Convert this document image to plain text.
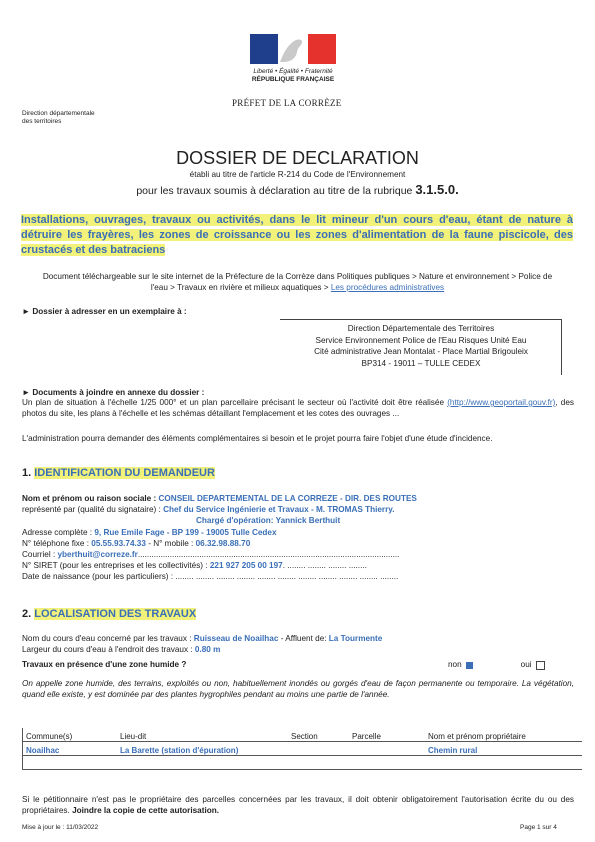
Liberté • Égalité • Fraternité
RÉPUBLIQUE FRANÇAISE
PRÉFET DE LA CORRÈZE
Direction départementale
des territoires
DOSSIER DE DECLARATION
établi au titre de l'article R-214 du Code de l'Environnement
pour les travaux soumis à déclaration au titre de la rubrique 3.1.5.0.
Installations, ouvrages, travaux ou activités, dans le lit mineur d'un cours d'eau, étant de nature à détruire les frayères, les zones de croissance ou les zones d'alimentation de la faune piscicole, des crustacés et des batraciens
Document téléchargeable sur le site internet de la Préfecture de la Corrèze dans Politiques publiques > Nature et environnement > Police de l'eau > Travaux en rivière et milieux aquatiques > Les procédures administratives
► Dossier à adresser en un exemplaire à :
Direction Départementale des Territoires
Service Environnement Police de l'Eau Risques Unité Eau
Cité administrative Jean Montalat - Place Martial Brigouleix
BP314 - 19011 – TULLE CEDEX
► Documents à joindre en annexe du dossier :
Un plan de situation à l'échelle 1/25 000° et un plan parcellaire précisant le secteur où l'activité doit être réalisée (http://www.geoportail.gouv.fr), des photos du site, les plans à l'échelle et les schémas détaillant l'emplacement et les cotes des ouvrages ...
L'administration pourra demander des éléments complémentaires si besoin et le projet pourra faire l'objet d'une étude d'incidence.
1. IDENTIFICATION DU DEMANDEUR
Nom et prénom ou raison sociale : CONSEIL DEPARTEMENTAL DE LA CORREZE - DIR. DES ROUTES
représenté par (qualité du signataire) : Chef du Service Ingénierie et Travaux - M. TROMAS Thierry.
Chargé d'opération: Yannick Berthuit
Adresse complète : 9, Rue Emile Fage - BP 199 - 19005 Tulle Cedex
N° téléphone fixe : 05.55.93.74.33 - N° mobile : 06.32.98.88.70
Courriel : yberthuit@correze.fr...................................................................................................................
N° SIRET (pour les entreprises et les collectivités) : 221 927 205 00 197. ........ ........ ........ ........
Date de naissance (pour les particuliers) : ........ ........ ........ ........ ........ ........ ........ ........ ........ ........ ........
2. LOCALISATION DES TRAVAUX
Nom du cours d'eau concerné par les travaux : Ruisseau de Noailhac - Affluent de: La Tourmente
Largeur du cours d'eau à l'endroit des travaux : 0.80 m
Travaux en présence d'une zone humide ?	non	oui
On appelle zone humide, des terrains, exploités ou non, habituellement inondés ou gorgés d'eau de façon permanente ou temporaire. La végétation, quand elle existe, y est dominée par des plantes hygrophiles pendant au moins une partie de l'année.
Commune(s)	Lieu-dit	Section	Parcelle	Nom et prénom propriétaire
Noailhac	La Barette (station d'épuration)			Chemin rural

Si le pétitionnaire n'est pas le propriétaire des parcelles concernées par les travaux, il doit obtenir obligatoirement l'autorisation écrite du ou des propriétaires. Joindre la copie de cette autorisation.
Mise à jour le : 11/03/2022	Page 1 sur 4
